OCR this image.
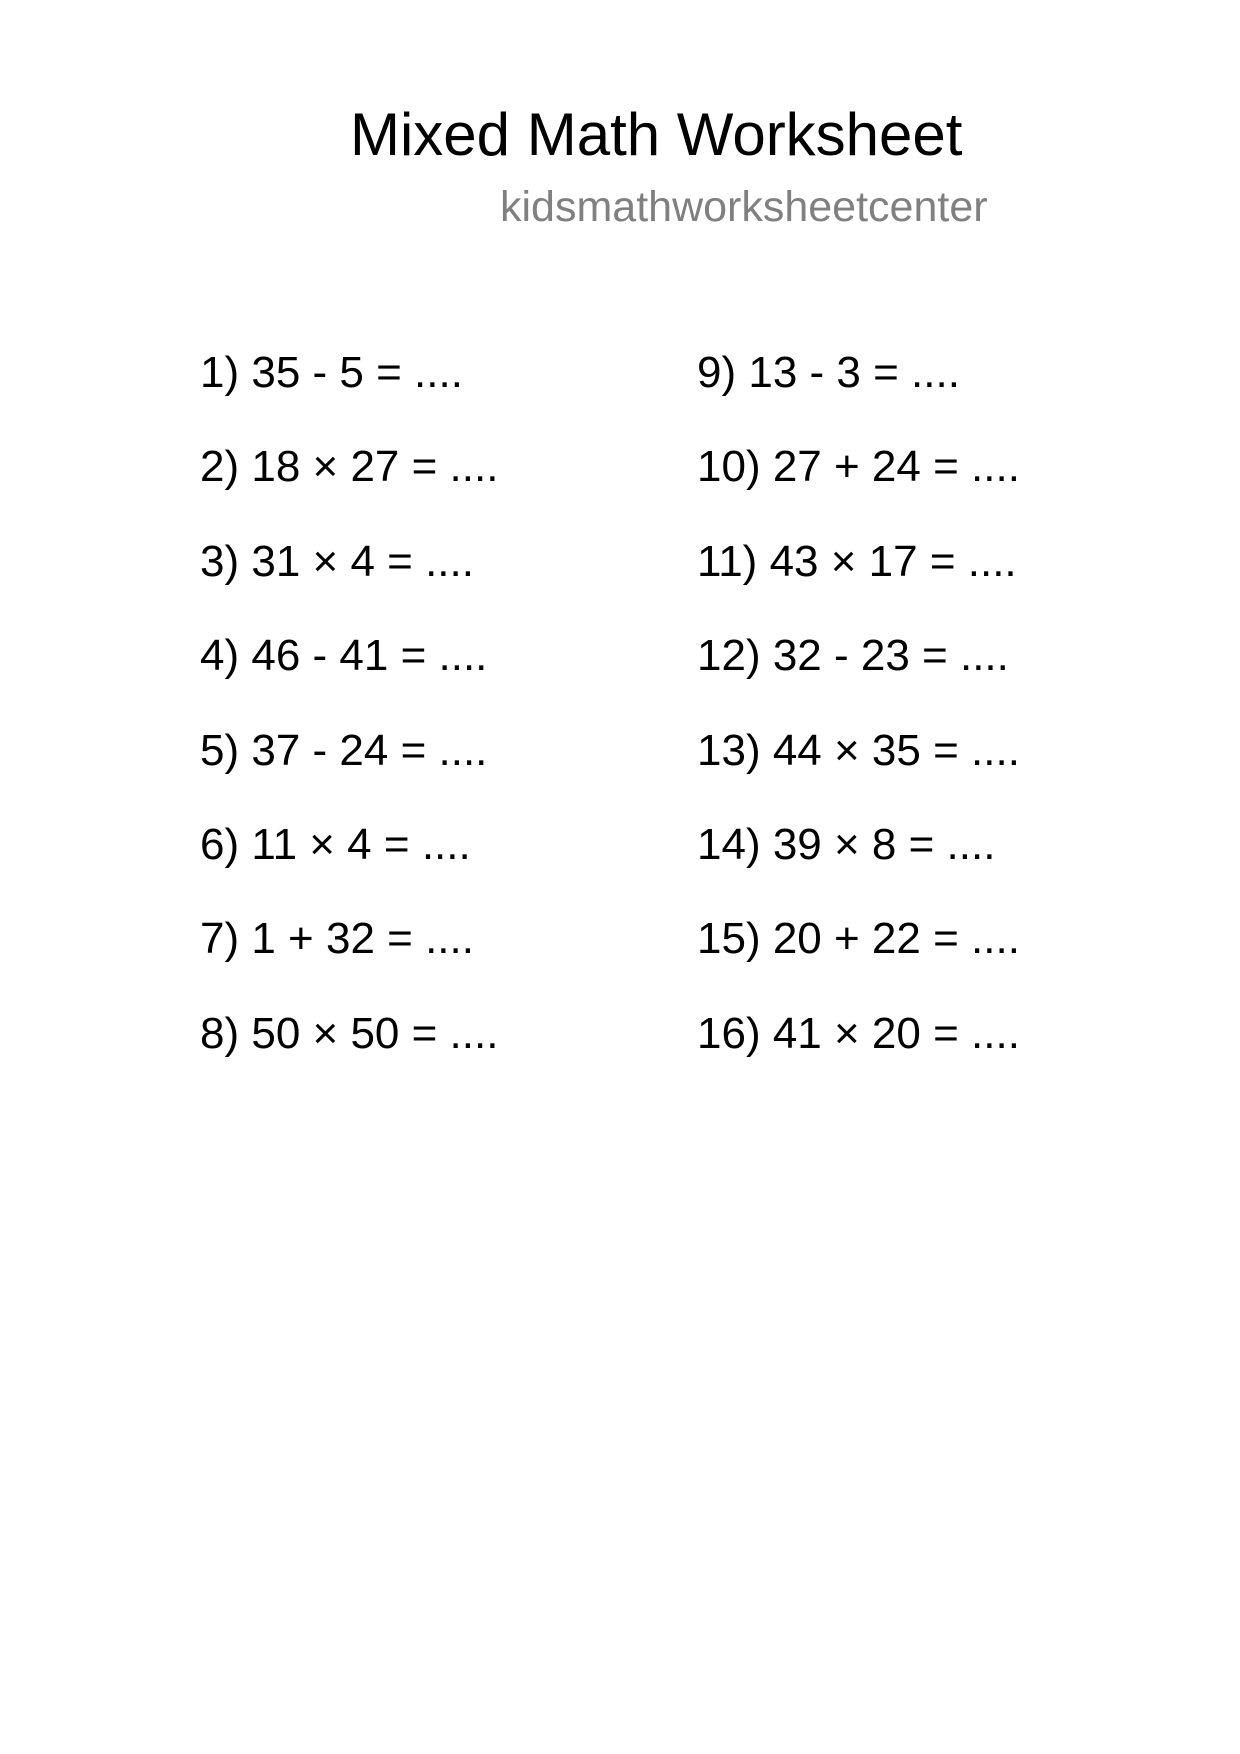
Mixed Math Worksheet
kidsmathworksheetcenter
1) 35 - 5 = ....
2) 18 × 27 = ....
3) 31 × 4 = ....
4) 46 - 41 = ....
5) 37 - 24 = ....
6) 11 × 4 = ....
7) 1 + 32 = ....
8) 50 × 50 = ....
9) 13 - 3 = ....
10) 27 + 24 = ....
11) 43 × 17 = ....
12) 32 - 23 = ....
13) 44 × 35 = ....
14) 39 × 8 = ....
15) 20 + 22 = ....
16) 41 × 20 = ....
